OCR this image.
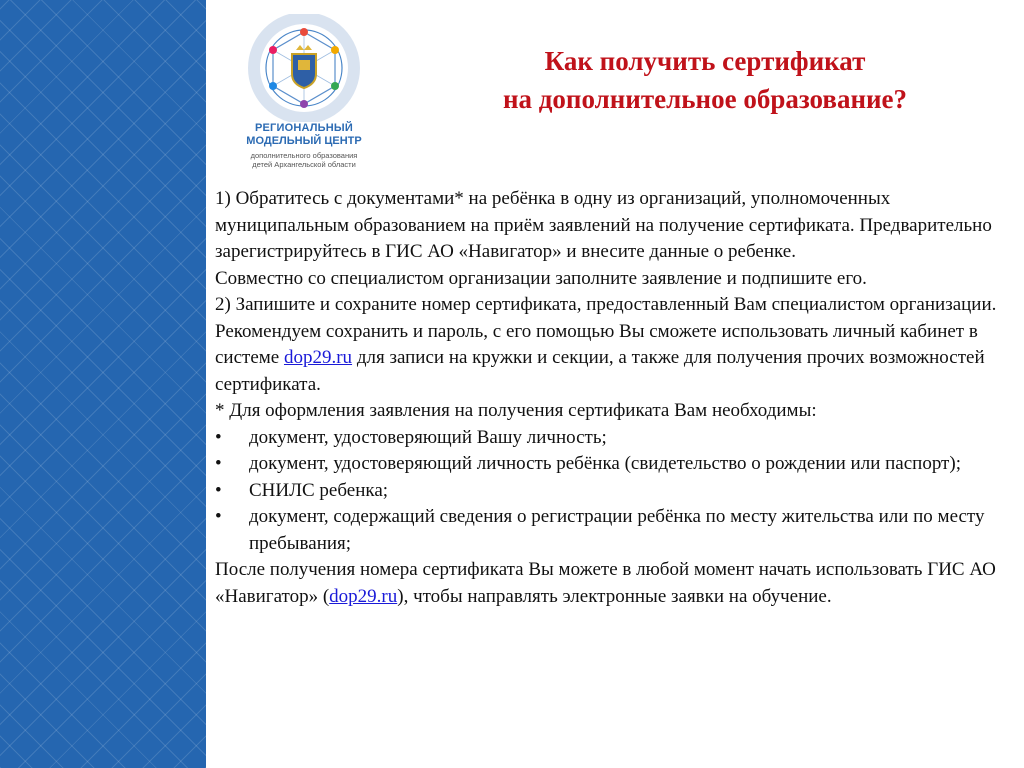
РЕГИОНАЛЬНЫЙ
МОДЕЛЬНЫЙ ЦЕНТР
дополнительного образования
детей Архангельской области
Как получить сертификат
на дополнительное образование?

1) Обратитесь с документами* на ребёнка в одну из организаций, уполномоченных муниципальным образованием на приём заявлений на получение сертификата. Предварительно зарегистрируйтесь в ГИС АО «Навигатор» и внесите данные о ребенке.

Совместно со специалистом организации заполните заявление и подпишите его.

2) Запишите и сохраните номер сертификата, предоставленный Вам специалистом организации. Рекомендуем сохранить и пароль, с его помощью Вы сможете использовать личный кабинет в системе dop29.ru для записи на кружки и секции, а также для получения прочих возможностей сертификата.

* Для оформления заявления на получения сертификата Вам необходимы:

• документ, удостоверяющий Вашу личность;
• документ, удостоверяющий личность ребёнка (свидетельство о рождении или паспорт);
• СНИЛС ребенка;
• документ, содержащий сведения о регистрации ребёнка по месту жительства или по месту пребывания;

После получения номера сертификата Вы можете в любой момент начать использовать ГИС АО «Навигатор» (dop29.ru), чтобы направлять электронные заявки на обучение.
